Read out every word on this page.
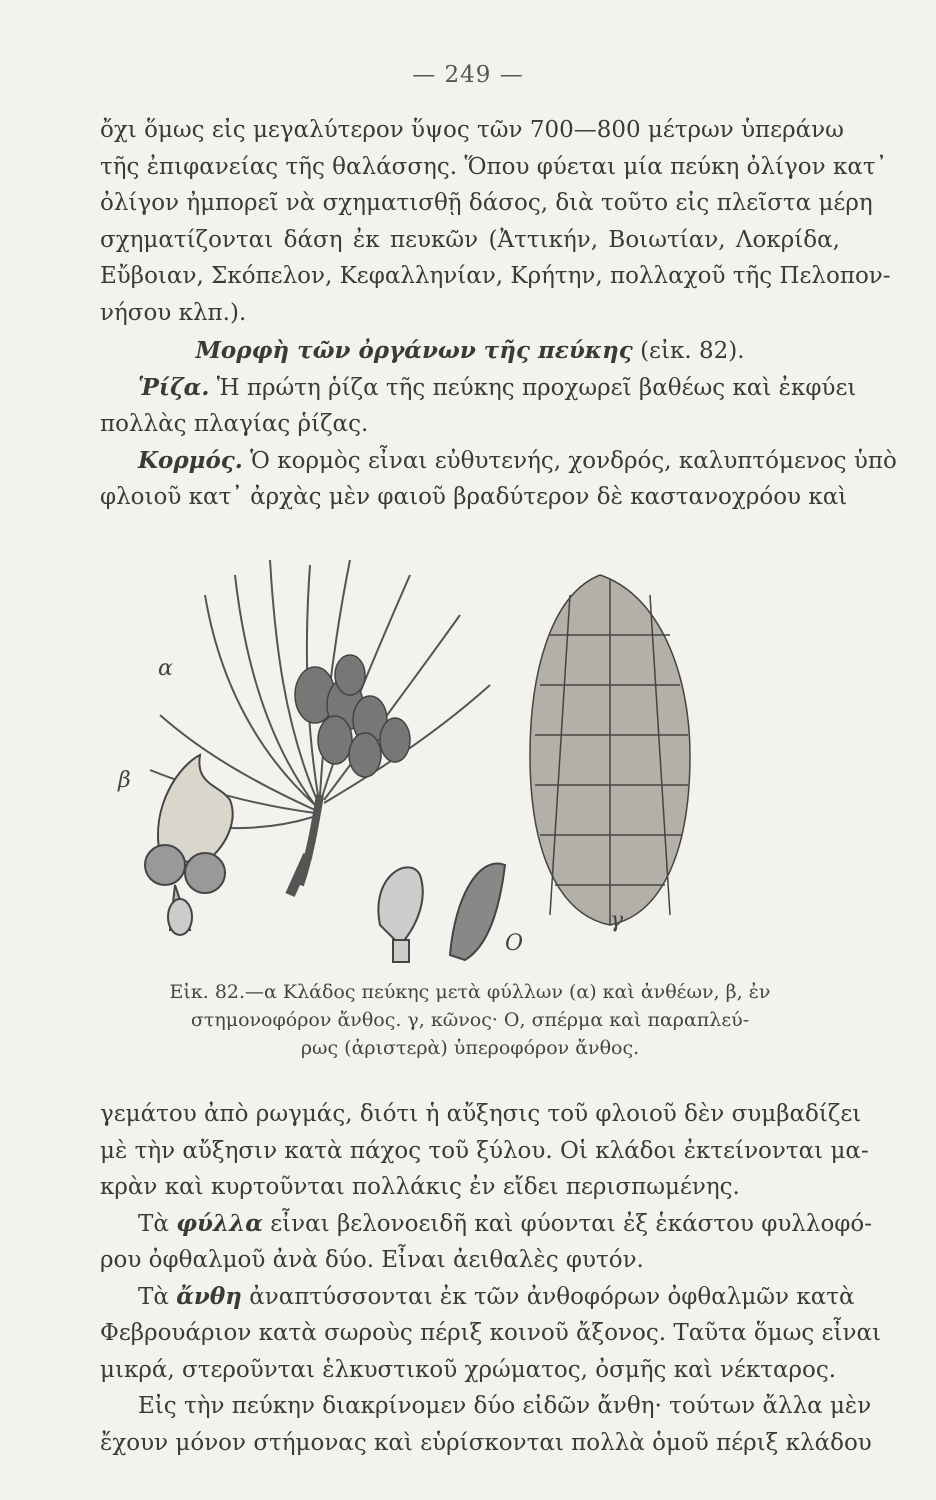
— 249 —
ὄχι ὅμως εἰς μεγαλύτερον ὕψος τῶν 700—800 μέτρων ὑπεράνω
τῆς ἐπιφανείας τῆς θαλάσσης. Ὅπου φύεται μία πεύκη ὀλίγον κατ᾽
ὀλίγον ἠμπορεῖ νὰ σχηματισθῇ δάσος, διὰ τοῦτο εἰς πλεῖστα μέρη
σχηματίζονται δάση ἐκ πευκῶν (Ἀττικήν, Βοιωτίαν, Λοκρίδα,
Εὔβοιαν, Σκόπελον, Κεφαλληνίαν, Κρήτην, πολλαχοῦ τῆς Πελοπον-
νήσου κλπ.).
Μορφὴ τῶν ὀργάνων τῆς πεύκης (εἰκ. 82).
Ῥίζα. Ἡ πρώτη ῥίζα τῆς πεύκης προχωρεῖ βαθέως καὶ ἐκφύει
πολλὰς πλαγίας ῥίζας.
Κορμός. Ὁ κορμὸς εἶναι εὐθυτενής, χονδρός, καλυπτόμενος ὑπὸ
φλοιοῦ κατ᾽ ἀρχὰς μὲν φαιοῦ βραδύτερον δὲ καστανοχρόου καὶ
α
β
γ
O
Εἰκ. 82.—α Κλάδος πεύκης μετὰ φύλλων (α) καὶ ἀνθέων, β, ἐν
στημονοφόρον ἄνθος. γ, κῶνος· Ο, σπέρμα καὶ παραπλεύ-
ρως (ἀριστερὰ) ὑπεροφόρον ἄνθος.
γεμάτου ἀπὸ ρωγμάς, διότι ἡ αὔξησις τοῦ φλοιοῦ δὲν συμβαδίζει
μὲ τὴν αὔξησιν κατὰ πάχος τοῦ ξύλου. Οἱ κλάδοι ἐκτείνονται μα-
κρὰν καὶ κυρτοῦνται πολλάκις ἐν εἴδει περισπωμένης.
Τὰ φύλλα εἶναι βελονοειδῆ καὶ φύονται ἐξ ἑκάστου φυλλοφό-
ρου ὀφθαλμοῦ ἀνὰ δύο. Εἶναι ἀειθαλὲς φυτόν.
Τὰ ἄνθη ἀναπτύσσονται ἐκ τῶν ἀνθοφόρων ὀφθαλμῶν κατὰ
Φεβρουάριον κατὰ σωροὺς πέριξ κοινοῦ ἄξονος. Ταῦτα ὅμως εἶναι
μικρά, στεροῦνται ἑλκυστικοῦ χρώματος, ὀσμῆς καὶ νέκταρος.
Εἰς τὴν πεύκην διακρίνομεν δύο εἰδῶν ἄνθη· τούτων ἄλλα μὲν
ἔχουν μόνον στήμονας καὶ εὑρίσκονται πολλὰ ὁμοῦ πέριξ κλάδου
